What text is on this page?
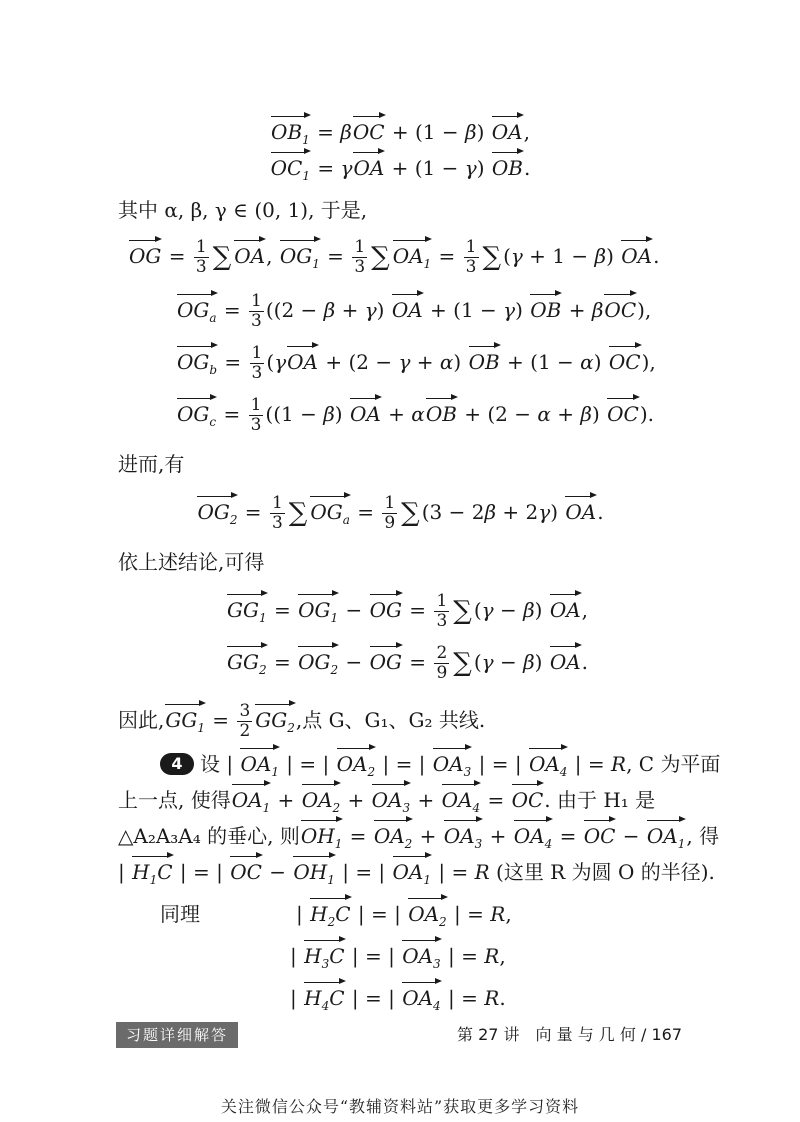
$OB_1 = \beta OC + (1 - \beta)$ OA,
$OC_1 = \gamma OA + (1 - \gamma)$ OB.
其中 α, β, γ ∈ (0, 1), 于是,
OG = $\frac{1}{3}$ ∑ OA, $OG_1 = \frac{1}{3}$ ∑ $OA_1 = \frac{1}{3}$ ∑ (γ + 1 − β) OA.
$OG_a = \frac{1}{3} ((2 - \beta + \gamma)$ OA + (1 − γ) OB + βOC),
$OG_b = \frac{1}{3} (\gamma OA + (2 - \gamma + \alpha)$ OB + (1 − α) OC),
$OG_c = \frac{1}{3} ((1 - \beta)$ OA + αOB + (2 − α + β) OC).
进而,有
$OG_2 = \frac{1}{3}$ ∑ $OG_a = \frac{1}{9}$ ∑ (3 − 2β + 2γ) OA.
依上述结论,可得
$GG_1 = OG_1$ − OG = $\frac{1}{3}$ ∑ (γ − β) OA,
$GG_2 = OG_2$ − OG = $\frac{2}{9}$ ∑ (γ − β) OA.
因此$,GG_1 = \frac{3}{2} GG_2$,点 G、G₁、G₂ 共线.
4 设 | $OA_1$ | = | $OA_2$ | = | $OA_3$ | = | $OA_4$ | = R, C 为平面
上一点, 使得$OA_1 + OA_2 + OA_3 + OA_4$ = OC. 由于 H₁ 是
△A₂A₃A₄ 的垂心, 则$OH_1 = OA_2 + OA_3 + OA_4$ = OC − $OA_1$, 得
| $H_1C$ | = | OC − $OH_1$ | = | $OA_1$ | = R (这里 R 为圆 O 的半径).
同理	| $H_2C$ | = | $OA_2$ | = R,
| $H_3C$ | = | $OA_3$ | = R,
| $H_4C$ | = | $OA_4$ | = R.
习题详细解答	第 27 讲　向 量 与 几 何 / 167
关注微信公众号“教辅资料站”获取更多学习资料
